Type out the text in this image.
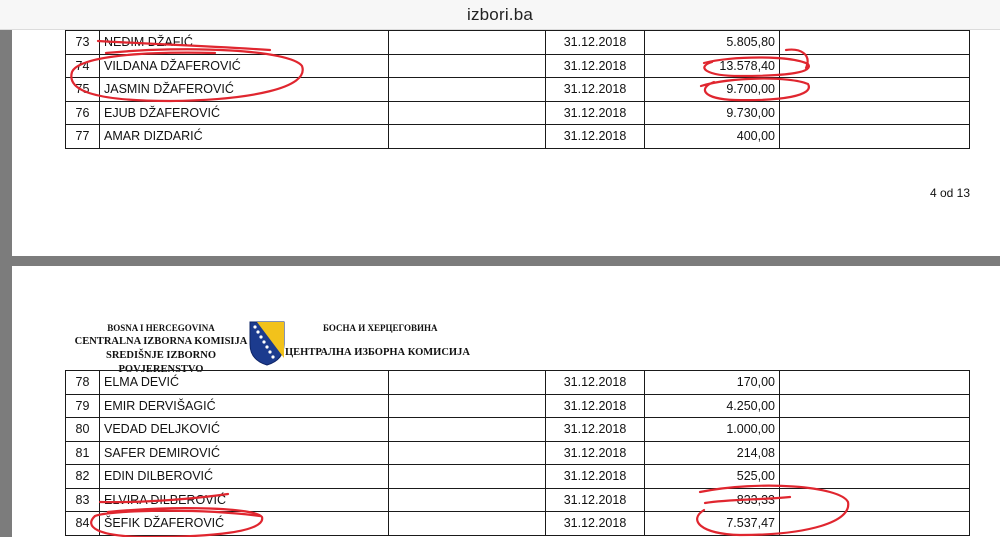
izbori.ba
73	NEDIM DŽAFIĆ		31.12.2018	5.805,80	
74	VILDANA DŽAFEROVIĆ		31.12.2018	13.578,40	
75	JASMIN DŽAFEROVIĆ		31.12.2018	9.700,00	
76	EJUB DŽAFEROVIĆ		31.12.2018	9.730,00	
77	AMAR DIZDARIĆ		31.12.2018	400,00	
4 od 13
BOSNA I HERCEGOVINA
CENTRALNA IZBORNA KOMISIJA
SREDIŠNJE IZBORNO POVJERENSTVO
БОСНА И ХЕРЦЕГОВИНА
ЦЕНТРАЛНА ИЗБОРНА КОМИСИЈА
78	ELMA DEVIĆ		31.12.2018	170,00	
79	EMIR DERVIŠAGIĆ		31.12.2018	4.250,00	
80	VEDAD DELJKOVIĆ		31.12.2018	1.000,00	
81	SAFER DEMIROVIĆ		31.12.2018	214,08	
82	EDIN DILBEROVIĆ		31.12.2018	525,00	
83	ELVIRA DILBEROVIĆ		31.12.2018	833,33	
84	ŠEFIK DŽAFEROVIĆ		31.12.2018	7.537,47	
